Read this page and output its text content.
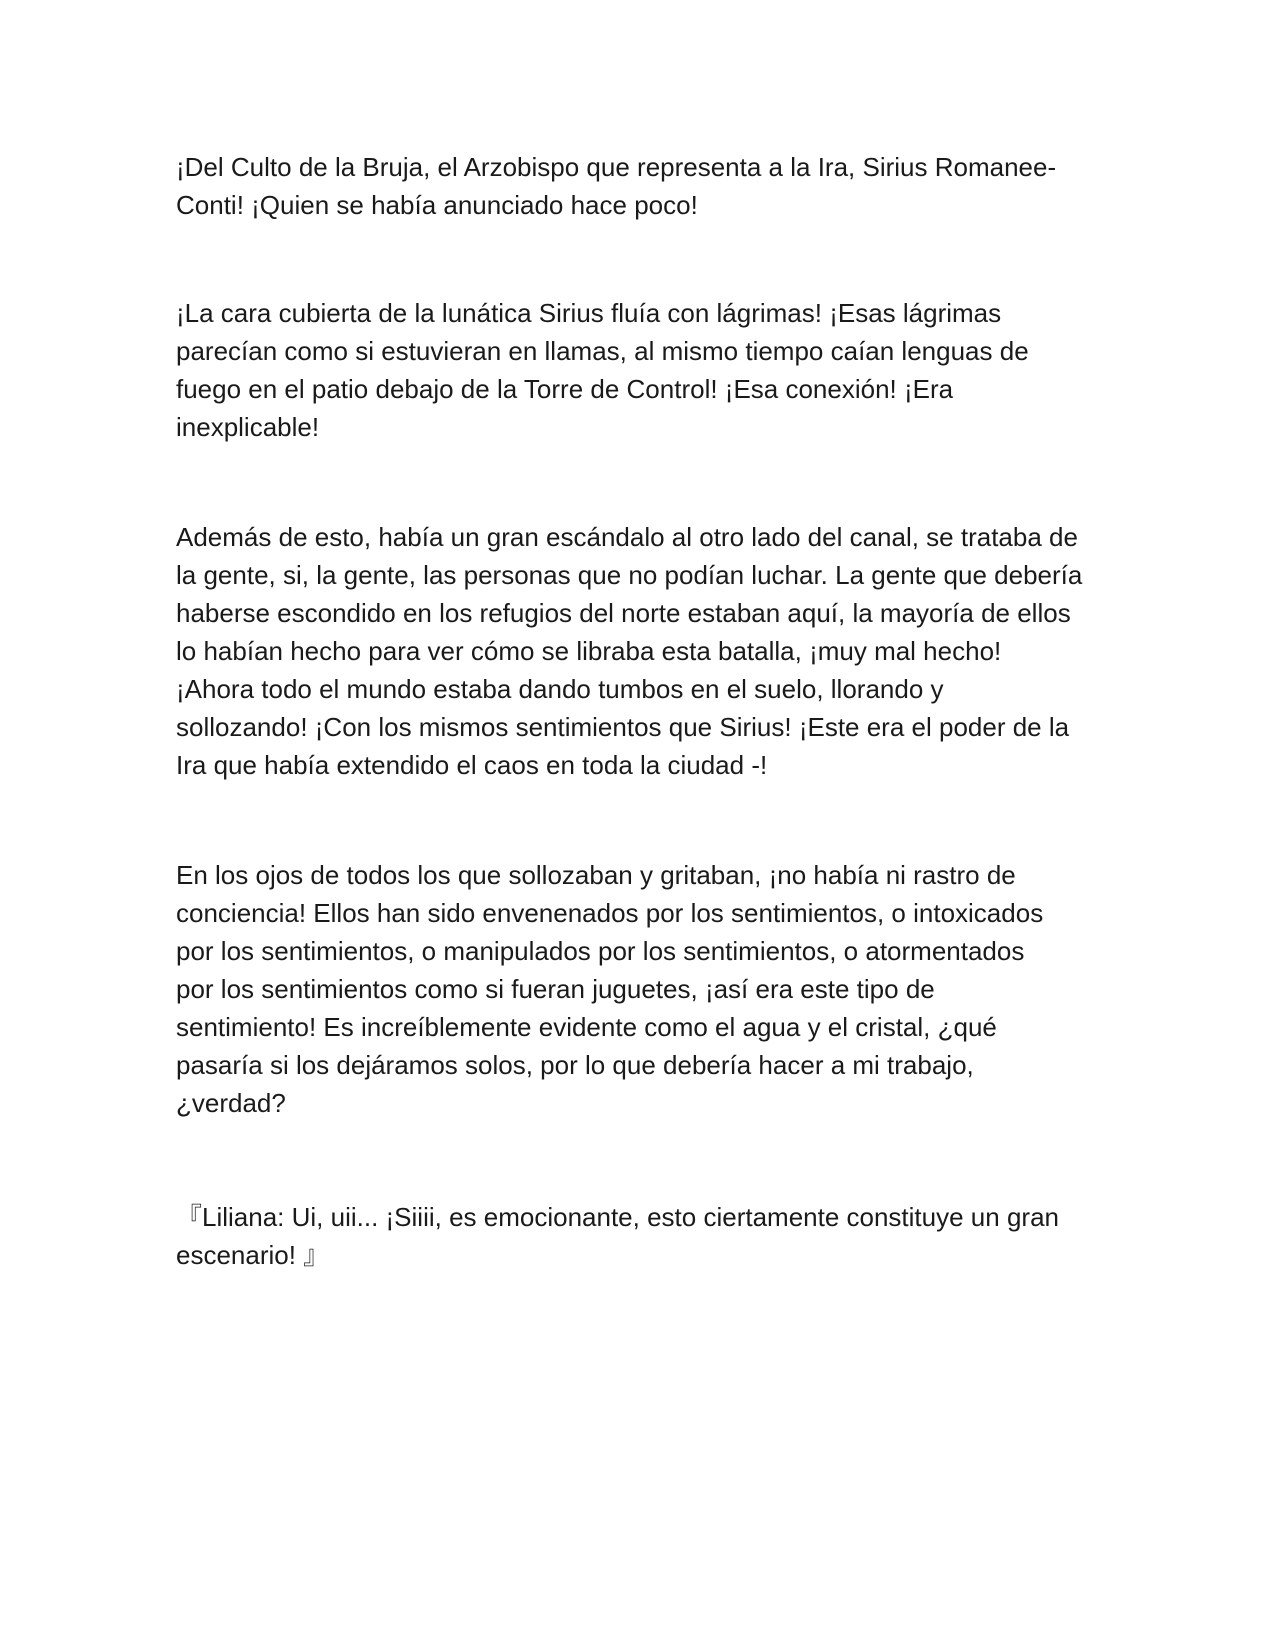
¡Del Culto de la Bruja, el Arzobispo que representa a la Ira, Sirius Romanee-
Conti! ¡Quien se había anunciado hace poco!

¡La cara cubierta de la lunática Sirius fluía con lágrimas! ¡Esas lágrimas
parecían como si estuvieran en llamas, al mismo tiempo caían lenguas de
fuego en el patio debajo de la Torre de Control! ¡Esa conexión! ¡Era
inexplicable!

Además de esto, había un gran escándalo al otro lado del canal, se trataba de
la gente, si, la gente, las personas que no podían luchar. La gente que debería
haberse escondido en los refugios del norte estaban aquí, la mayoría de ellos
lo habían hecho para ver cómo se libraba esta batalla, ¡muy mal hecho!
¡Ahora todo el mundo estaba dando tumbos en el suelo, llorando y
sollozando! ¡Con los mismos sentimientos que Sirius! ¡Este era el poder de la
Ira que había extendido el caos en toda la ciudad -!

En los ojos de todos los que sollozaban y gritaban, ¡no había ni rastro de
conciencia! Ellos han sido envenenados por los sentimientos, o intoxicados
por los sentimientos, o manipulados por los sentimientos, o atormentados
por los sentimientos como si fueran juguetes, ¡así era este tipo de
sentimiento! Es increíblemente evidente como el agua y el cristal, ¿qué
pasaría si los dejáramos solos, por lo que debería hacer a mi trabajo,
¿verdad?

『Liliana: Ui, uii... ¡Siiii, es emocionante, esto ciertamente constituye un gran
escenario! 』
